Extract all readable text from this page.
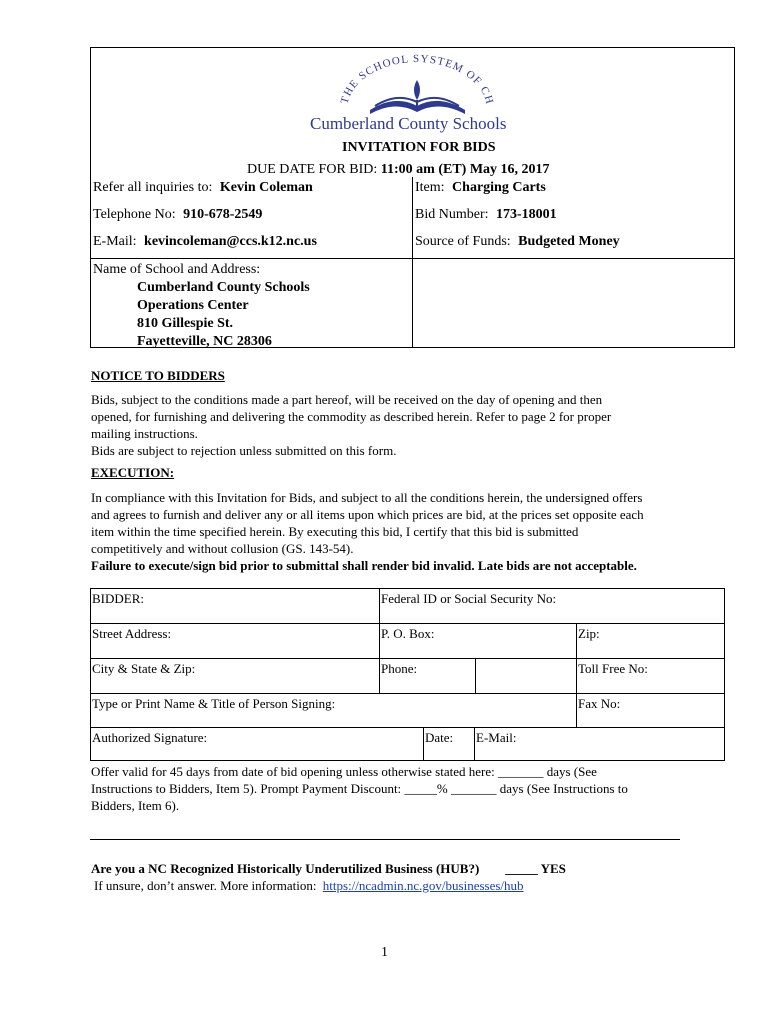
THE SCHOOL SYSTEM OF CH
Cumberland County Schools
INVITATION FOR BIDS
DUE DATE FOR BID: 11:00 am (ET) May 16, 2017
Refer all inquiries to: Kevin Coleman
Telephone No: 910-678-2549
E-Mail: kevincoleman@ccs.k12.nc.us
Item: Charging Carts
Bid Number: 173-18001
Source of Funds: Budgeted Money
Name of School and Address:
Cumberland County Schools
Operations Center
810 Gillespie St.
Fayetteville, NC 28306
NOTICE TO BIDDERS
Bids, subject to the conditions made a part hereof, will be received on the day of opening and then
opened, for furnishing and delivering the commodity as described herein. Refer to page 2 for proper
mailing instructions.
Bids are subject to rejection unless submitted on this form.
EXECUTION:
In compliance with this Invitation for Bids, and subject to all the conditions herein, the undersigned offers
and agrees to furnish and deliver any or all items upon which prices are bid, at the prices set opposite each
item within the time specified herein. By executing this bid, I certify that this bid is submitted
competitively and without collusion (GS. 143-54).
Failure to execute/sign bid prior to submittal shall render bid invalid. Late bids are not acceptable.
BIDDER:	Federal ID or Social Security No:
Street Address:	P. O. Box:	Zip:
City & State & Zip:	Phone:	Toll Free No:
Type or Print Name & Title of Person Signing:	Fax No:
Authorized Signature:	Date: E-Mail:
Offer valid for 45 days from date of bid opening unless otherwise stated here: _______ days (See
Instructions to Bidders, Item 5). Prompt Payment Discount: _____% _______ days (See Instructions to
Bidders, Item 6).
Are you a NC Recognized Historically Underutilized Business (HUB?)        _____ YES
If unsure, don’t answer. More information: https://ncadmin.nc.gov/businesses/hub
1
